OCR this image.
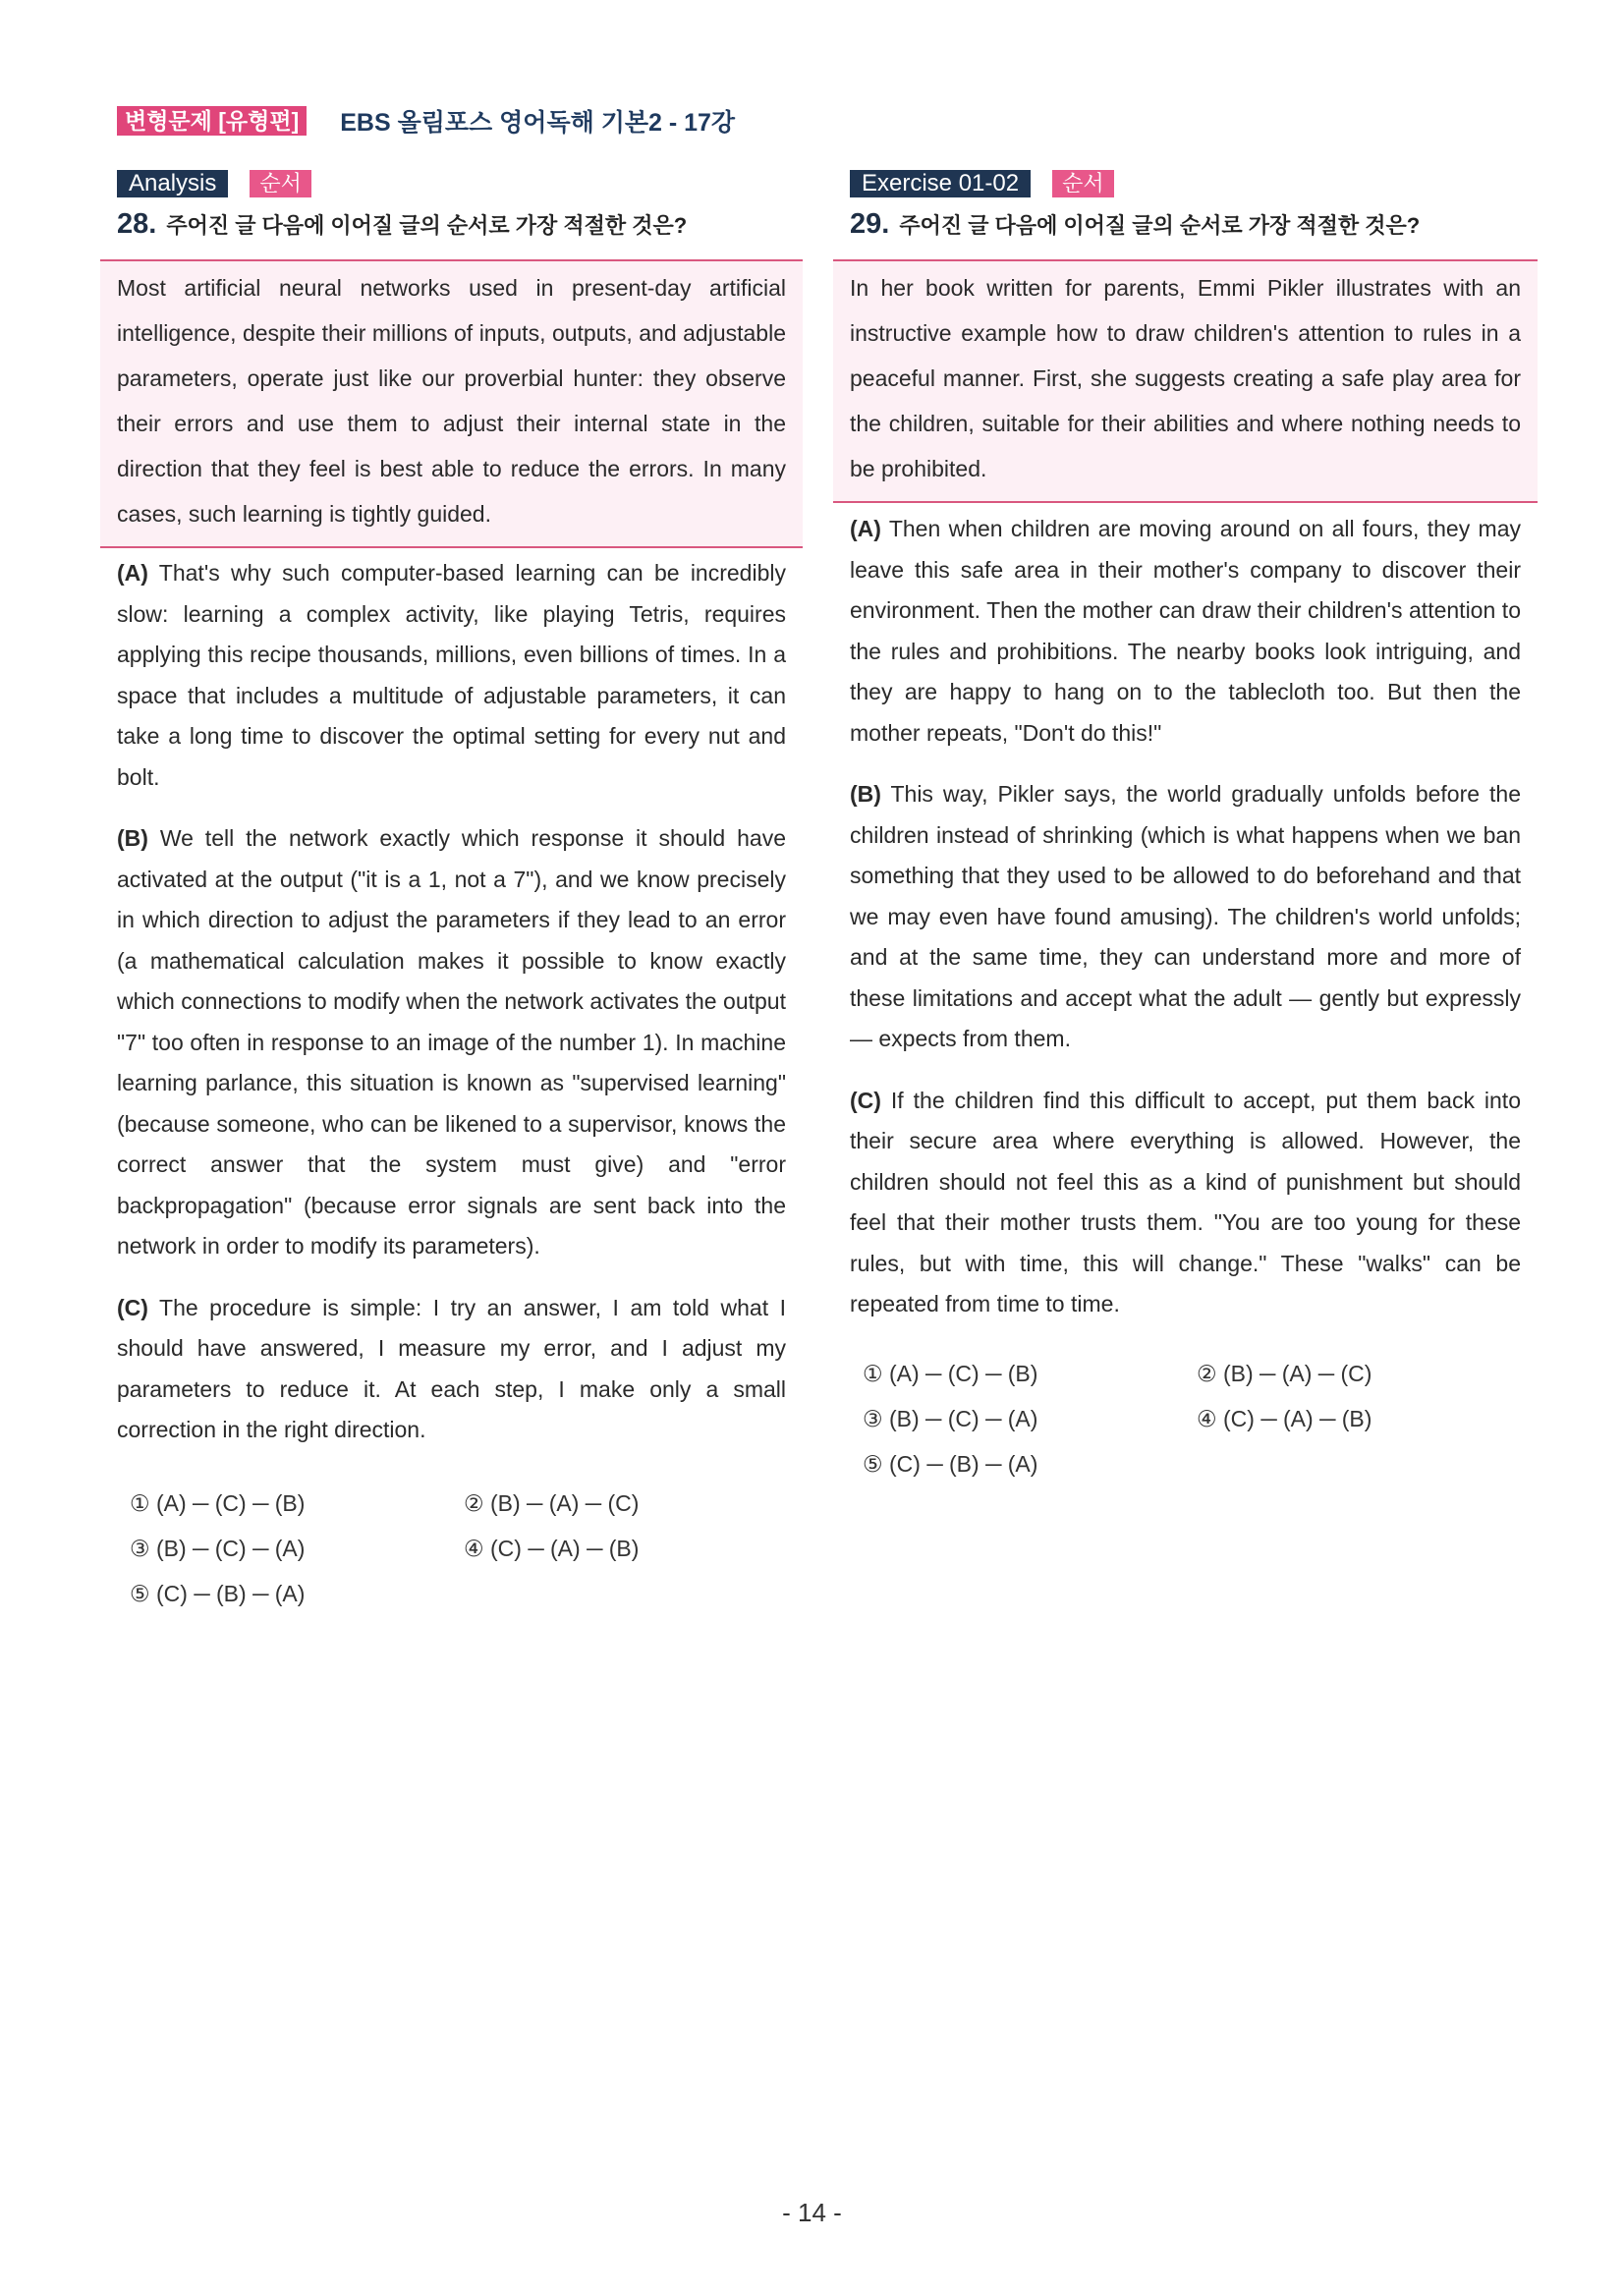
변형문제 [유형편]	EBS 올림포스 영어독해 기본2 - 17강
Analysis	순서
28. 주어진 글 다음에 이어질 글의 순서로 가장 적절한 것은?
Most artificial neural networks used in present-day artificial intelligence, despite their millions of inputs, outputs, and adjustable parameters, operate just like our proverbial hunter: they observe their errors and use them to adjust their internal state in the direction that they feel is best able to reduce the errors. In many cases, such learning is tightly guided.
(A) That's why such computer-based learning can be incredibly slow: learning a complex activity, like playing Tetris, requires applying this recipe thousands, millions, even billions of times. In a space that includes a multitude of adjustable parameters, it can take a long time to discover the optimal setting for every nut and bolt.
(B) We tell the network exactly which response it should have activated at the output ("it is a 1, not a 7"), and we know precisely in which direction to adjust the parameters if they lead to an error (a mathematical calculation makes it possible to know exactly which connections to modify when the network activates the output "7" too often in response to an image of the number 1). In machine learning parlance, this situation is known as "supervised learning" (because someone, who can be likened to a supervisor, knows the correct answer that the system must give) and "error backpropagation" (because error signals are sent back into the network in order to modify its parameters).
(C) The procedure is simple: I try an answer, I am told what I should have answered, I measure my error, and I adjust my parameters to reduce it. At each step, I make only a small correction in the right direction.
① (A) ─ (C) ─ (B)	② (B) ─ (A) ─ (C)
③ (B) ─ (C) ─ (A)	④ (C) ─ (A) ─ (B)
⑤ (C) ─ (B) ─ (A)
Exercise 01-02	순서
29. 주어진 글 다음에 이어질 글의 순서로 가장 적절한 것은?
In her book written for parents, Emmi Pikler illustrates with an instructive example how to draw children's attention to rules in a peaceful manner. First, she suggests creating a safe play area for the children, suitable for their abilities and where nothing needs to be prohibited.
(A) Then when children are moving around on all fours, they may leave this safe area in their mother's company to discover their environment. Then the mother can draw their children's attention to the rules and prohibitions. The nearby books look intriguing, and they are happy to hang on to the tablecloth too. But then the mother repeats, "Don't do this!"
(B) This way, Pikler says, the world gradually unfolds before the children instead of shrinking (which is what happens when we ban something that they used to be allowed to do beforehand and that we may even have found amusing). The children's world unfolds; and at the same time, they can understand more and more of these limitations and accept what the adult — gently but expressly — expects from them.
(C) If the children find this difficult to accept, put them back into their secure area where everything is allowed. However, the children should not feel this as a kind of punishment but should feel that their mother trusts them. "You are too young for these rules, but with time, this will change." These "walks" can be repeated from time to time.
① (A) ─ (C) ─ (B)	② (B) ─ (A) ─ (C)
③ (B) ─ (C) ─ (A)	④ (C) ─ (A) ─ (B)
⑤ (C) ─ (B) ─ (A)
- 14 -
